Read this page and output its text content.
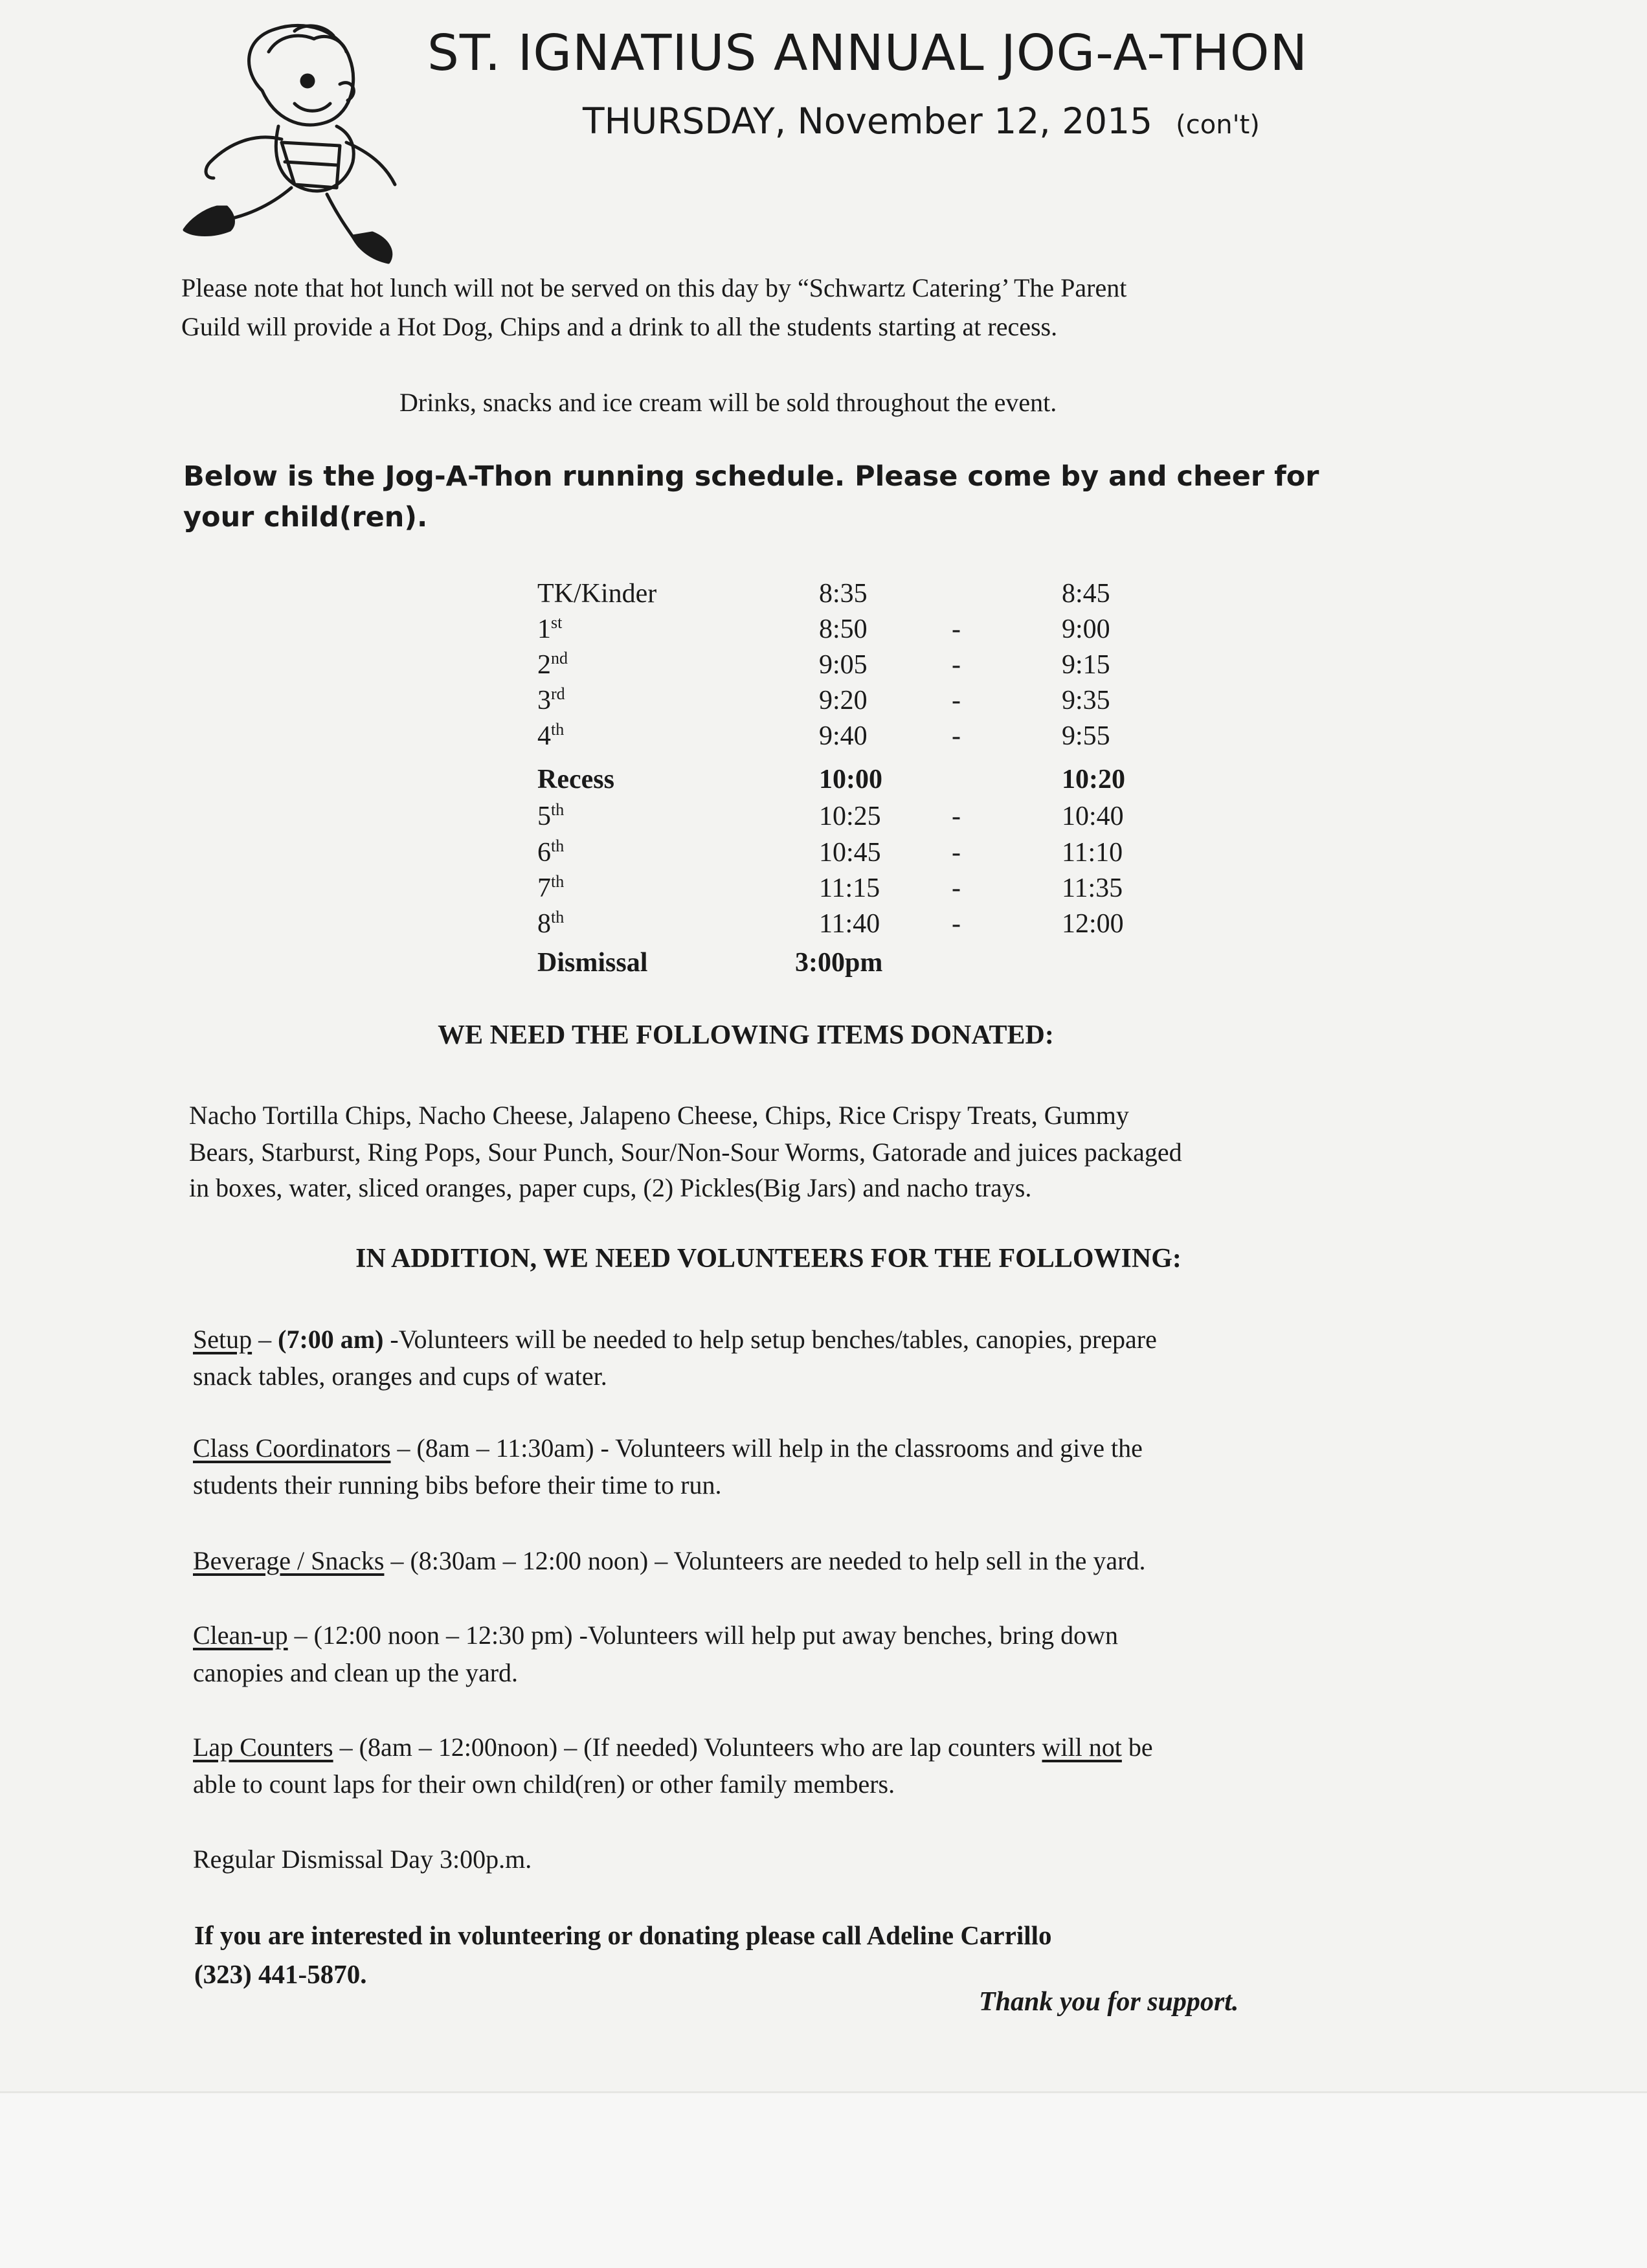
ST. IGNATIUS ANNUAL JOG-A-THON
THURSDAY, November 12, 2015 (con't)
Please note that hot lunch will not be served on this day by “Schwartz Catering’ The Parent
Guild will provide a Hot Dog, Chips and a drink to all the students starting at recess.
Drinks, snacks and ice cream will be sold throughout the event.
Below is the Jog-A-Thon running schedule. Please come by and cheer for
your child(ren).
TK/Kinder	8:35	8:45
1st	8:50	-	9:00
2nd	9:05	-	9:15
3rd	9:20	-	9:35
4th	9:40	-	9:55
Recess	10:00	10:20
5th	10:25	-	10:40
6th	10:45	-	11:10
7th	11:15	-	11:35
8th	11:40	-	12:00
Dismissal	3:00pm
WE NEED THE FOLLOWING ITEMS DONATED:
Nacho Tortilla Chips, Nacho Cheese, Jalapeno Cheese, Chips, Rice Crispy Treats, Gummy
Bears, Starburst, Ring Pops, Sour Punch, Sour/Non-Sour Worms, Gatorade and juices packaged
in boxes, water, sliced oranges, paper cups, (2) Pickles(Big Jars) and nacho trays.
IN ADDITION, WE NEED VOLUNTEERS FOR THE FOLLOWING:
Setup – (7:00 am) -Volunteers will be needed to help setup benches/tables, canopies, prepare
snack tables, oranges and cups of water.
Class Coordinators – (8am – 11:30am) - Volunteers will help in the classrooms and give the
students their running bibs before their time to run.
Beverage / Snacks – (8:30am – 12:00 noon) – Volunteers are needed to help sell in the yard.
Clean-up – (12:00 noon – 12:30 pm) -Volunteers will help put away benches, bring down
canopies and clean up the yard.
Lap Counters – (8am – 12:00noon) – (If needed) Volunteers who are lap counters will not be
able to count laps for their own child(ren) or other family members.
Regular Dismissal Day 3:00p.m.
If you are interested in volunteering or donating please call Adeline Carrillo
(323) 441-5870.
Thank you for support.
